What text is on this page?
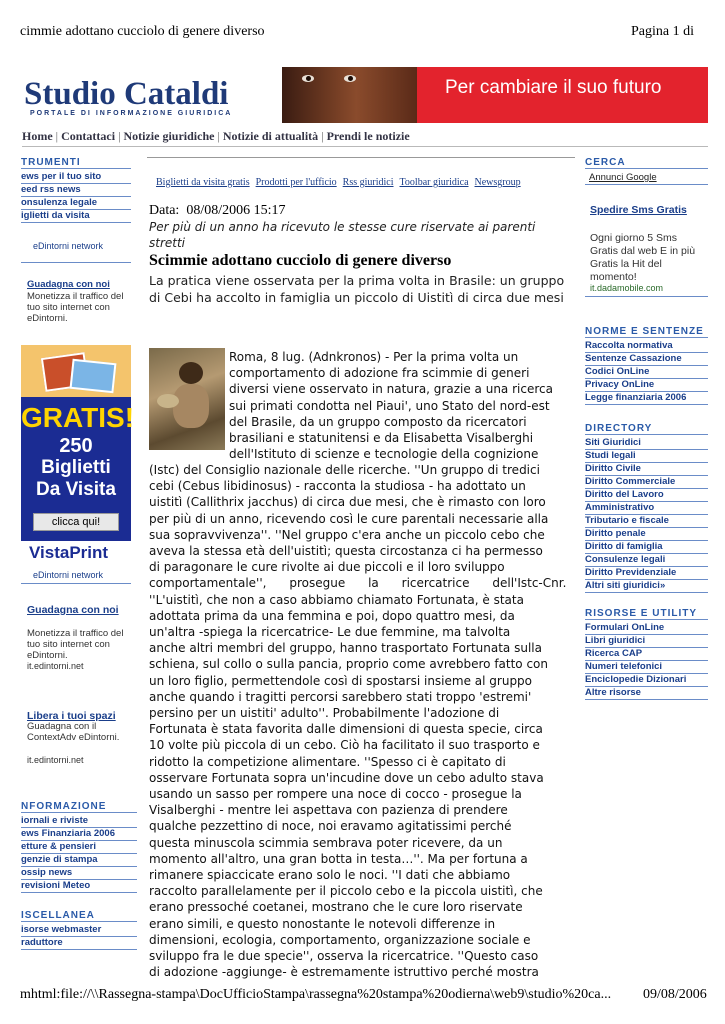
cimmie adottano cucciolo di genere diverso	Pagina 1 di
Studio Cataldi
PORTALE DI INFORMAZIONE GIURIDICA
Per cambiare il suo futuro
Home | Contattaci | Notizie giuridiche | Notizie di attualità | Prendi le notizie
TRUMENTI
ews per il tuo sito
eed rss news
onsulenza legale
iglietti da visita
eDintorni network
Guadagna con noi
Monetizza il traffico del tuo sito internet con eDintorni.
GRATIS!
250
Biglietti
Da Visita
clicca qui!
VistaPrint
eDintorni network
Guadagna con noi
Monetizza il traffico del tuo sito internet con eDintorni.
it.edintorni.net
Libera i tuoi spazi
Guadagna con il ContextAdv eDintorni.
it.edintorni.net
NFORMAZIONE
iornali e riviste
ews Finanziaria 2006
etture & pensieri
genzie di stampa
ossip news
revisioni Meteo
ISCELLANEA
isorse webmaster
raduttore
Biglietti da visita gratis Prodotti per l'ufficio Rss giuridici Toolbar giuridica Newsgroup
Data:  08/08/2006 15:17
Per più di un anno ha ricevuto le stesse cure riservate ai parenti stretti
Scimmie adottano cucciolo di genere diverso
La pratica viene osservata per la prima volta in Brasile: un gruppo di Cebi ha accolto in famiglia un piccolo di Uistitì di circa due mesi
Roma, 8 lug. (Adnkronos) - Per la prima volta un
comportamento di adozione fra scimmie di generi
diversi viene osservato in natura, grazie a una ricerca
sui primati condotta nel Piaui', uno Stato del nord-est
del Brasile, da un gruppo composto da ricercatori
brasiliani e statunitensi e da Elisabetta Visalberghi
dell'Istituto di scienze e tecnologie della cognizione
(Istc) del Consiglio nazionale delle ricerche. ''Un gruppo di tredici
cebi (Cebus libidinosus) - racconta la studiosa - ha adottato un
uistitì (Callithrix jacchus) di circa due mesi, che è rimasto con loro
per più di un anno, ricevendo così le cure parentali necessarie alla
sua sopravvivenza''. ''Nel gruppo c'era anche un piccolo cebo che
aveva la stessa età dell'uistitì; questa circostanza ci ha permesso
di paragonare le cure rivolte ai due piccoli e il loro sviluppo
comportamentale'',      prosegue      la      ricercatrice      dell'Istc-Cnr.
''L'uistitì, che non a caso abbiamo chiamato Fortunata, è stata
adottata prima da una femmina e poi, dopo quattro mesi, da
un'altra -spiega la ricercatrice- Le due femmine, ma talvolta
anche altri membri del gruppo, hanno trasportato Fortunata sulla
schiena, sul collo o sulla pancia, proprio come avrebbero fatto con
un loro figlio, permettendole così di spostarsi insieme al gruppo
anche quando i tragitti percorsi sarebbero stati troppo 'estremi'
persino per un uistiti' adulto''. Probabilmente l'adozione di
Fortunata è stata favorita dalle dimensioni di questa specie, circa
10 volte più piccola di un cebo. Ciò ha facilitato il suo trasporto e
ridotto la competizione alimentare. ''Spesso ci è capitato di
osservare Fortunata sopra un'incudine dove un cebo adulto stava
usando un sasso per rompere una noce di cocco - prosegue la
Visalberghi - mentre lei aspettava con pazienza di prendere
qualche pezzettino di noce, noi eravamo agitatissimi perché
questa minuscola scimmia sembrava poter ricevere, da un
momento all'altro, una gran botta in testa…''. Ma per fortuna a
rimanere spiaccicate erano solo le noci. ''I dati che abbiamo
raccolto parallelamente per il piccolo cebo e la piccola uistitì, che
erano pressoché coetanei, mostrano che le cure loro riservate
erano simili, e questo nonostante le notevoli differenze in
dimensioni, ecologia, comportamento, organizzazione sociale e
sviluppo fra le due specie'', osserva la ricercatrice. ''Questo caso
di adozione -aggiunge- è estremamente istruttivo perché mostra
CERCA
Annunci Google
Spedire Sms Gratis
Ogni giorno 5 Sms Gratis dal web E in più Gratis la Hit del momento!
it.dadamobile.com
NORME E SENTENZE
Raccolta normativa
Sentenze Cassazione
Codici OnLine
Privacy OnLine
Legge finanziaria 2006
DIRECTORY
Siti Giuridici
Studi legali
Diritto Civile
Diritto Commerciale
Diritto del Lavoro
Amministrativo
Tributario e fiscale
Diritto penale
Diritto di famiglia
Consulenze legali
Diritto Previdenziale
Altri siti giuridici»
RISORSE E UTILITY
Formulari OnLine
Libri giuridici
Ricerca CAP
Numeri telefonici
Enciclopedie Dizionari
Altre risorse
mhtml:file://\\Rassegna-stampa\DocUfficioStampa\rassegna%20stampa%20odierna\web9\studio%20ca... 09/08/2006
